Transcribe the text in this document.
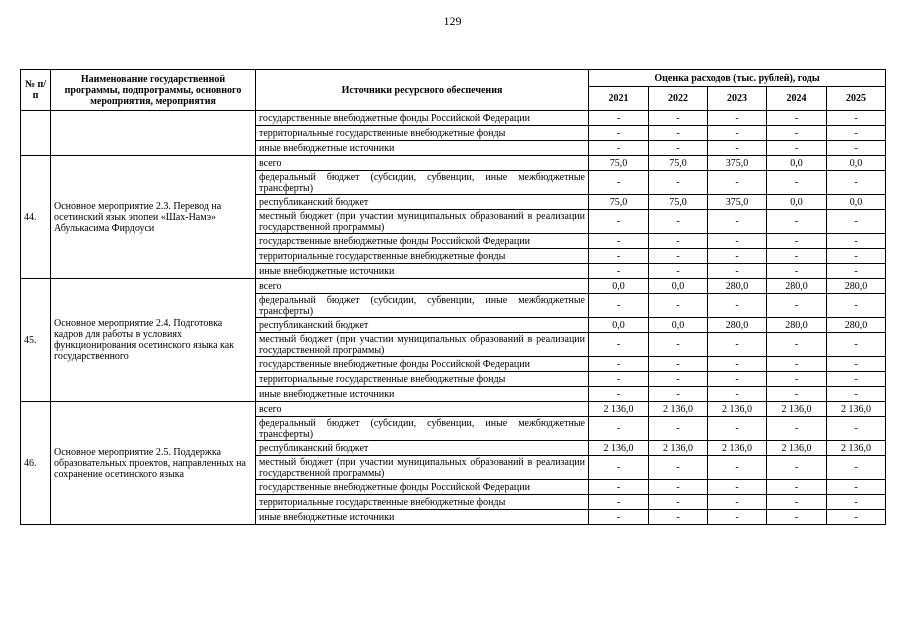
129
№ п/п	Наименование государственной программы, подпрограммы, основного мероприятия, мероприятия	Источники ресурсного обеспечения	Оценка расходов (тыс. рублей), годы				
			2021	2022	2023	2024	2025
		государственные внебюджетные фонды Российской Федерации	-	-	-	-	-
		территориальные государственные внебюджетные фонды	-	-	-	-	-
		иные внебюджетные источники	-	-	-	-	-
44.	Основное мероприятие 2.3. Перевод на осетинский язык эпопеи «Шах-Намэ» Абулькасима Фирдоуси	всего	75,0	75,0	375,0	0,0	0,0
		федеральный бюджет (субсидии, субвенции, иные межбюджетные трансферты)	-	-	-	-	-
		республиканский бюджет	75,0	75,0	375,0	0,0	0,0
		местный бюджет (при участии муниципальных образований в реализации государственной программы)	-	-	-	-	-
		государственные внебюджетные фонды Российской Федерации	-	-	-	-	-
		территориальные государственные внебюджетные фонды	-	-	-	-	-
		иные внебюджетные источники	-	-	-	-	-
45.	Основное мероприятие 2.4. Подготовка кадров для работы в условиях функционирования осетинского языка как государственного	всего	0,0	0,0	280,0	280,0	280,0
		федеральный бюджет (субсидии, субвенции, иные межбюджетные трансферты)	-	-	-	-	-
		республиканский бюджет	0,0	0,0	280,0	280,0	280,0
		местный бюджет (при участии муниципальных образований в реализации государственной программы)	-	-	-	-	-
		государственные внебюджетные фонды Российской Федерации	-	-	-	-	-
		территориальные государственные внебюджетные фонды	-	-	-	-	-
		иные внебюджетные источники	-	-	-	-	-
46.	Основное мероприятие 2.5. Поддержка образовательных проектов, направленных на сохранение осетинского языка	всего	2 136,0	2 136,0	2 136,0	2 136,0	2 136,0
		федеральный бюджет (субсидии, субвенции, иные межбюджетные трансферты)	-	-	-	-	-
		республиканский бюджет	2 136,0	2 136,0	2 136,0	2 136,0	2 136,0
		местный бюджет (при участии муниципальных образований в реализации государственной программы)	-	-	-	-	-
		государственные внебюджетные фонды Российской Федерации	-	-	-	-	-
		территориальные государственные внебюджетные фонды	-	-	-	-	-
		иные внебюджетные источники	-	-	-	-	-
